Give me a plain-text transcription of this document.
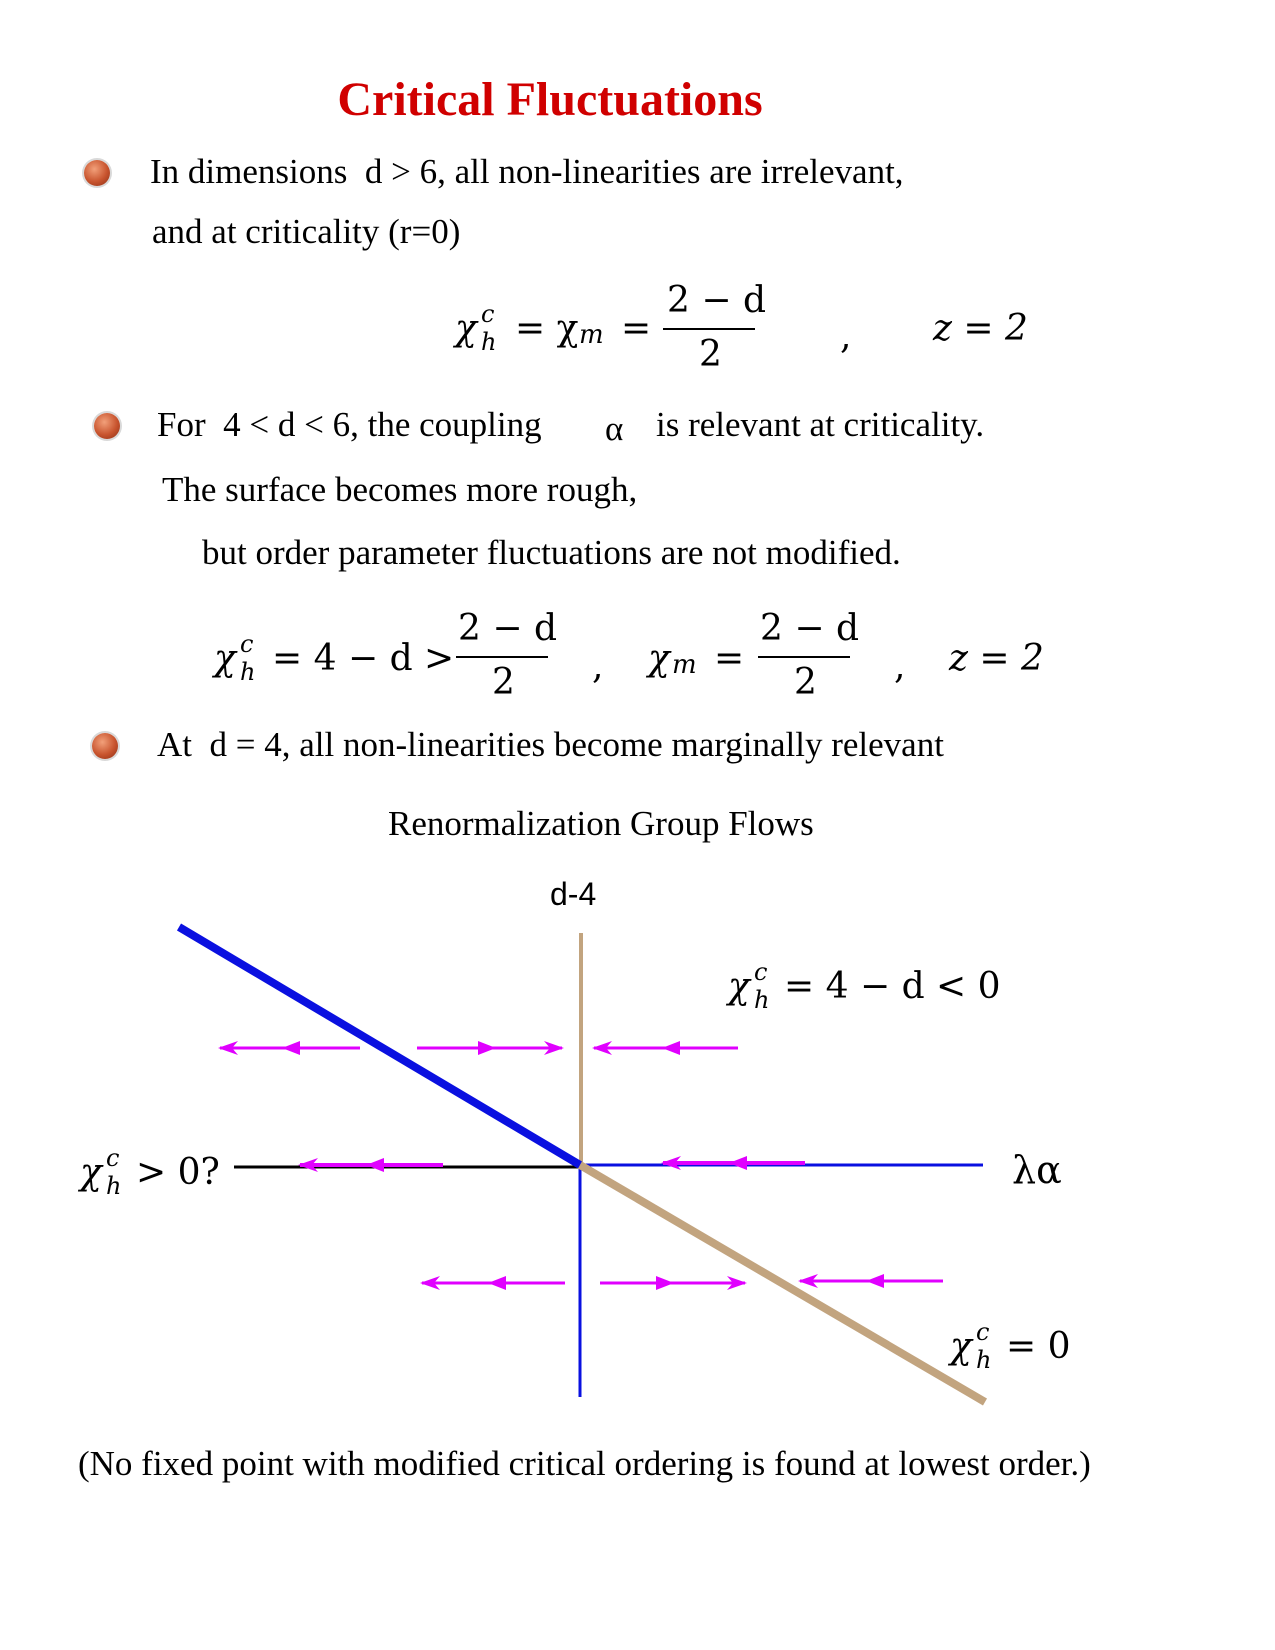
Critical Fluctuations
In dimensions d > 6, all non-linearities are irrelevant,
and at criticality (r=0)
χ c
h = χ m =
2 − d
2	, z = 2
For 4 < d < 6, the coupling α is relevant at criticality.
The surface becomes more rough,
but order parameter fluctuations are not modified.
χ c
h = 4 − d >
2 − d
2 , χ m =
2 − d
2 , z = 2
At d = 4, all non-linearities become marginally relevant
Renormalization Group Flows
d-4
χ c
h = 4 − d < 0
χ c
h > 0?	λα
χ c
h = 0
(No fixed point with modified critical ordering is found at lowest order.)
